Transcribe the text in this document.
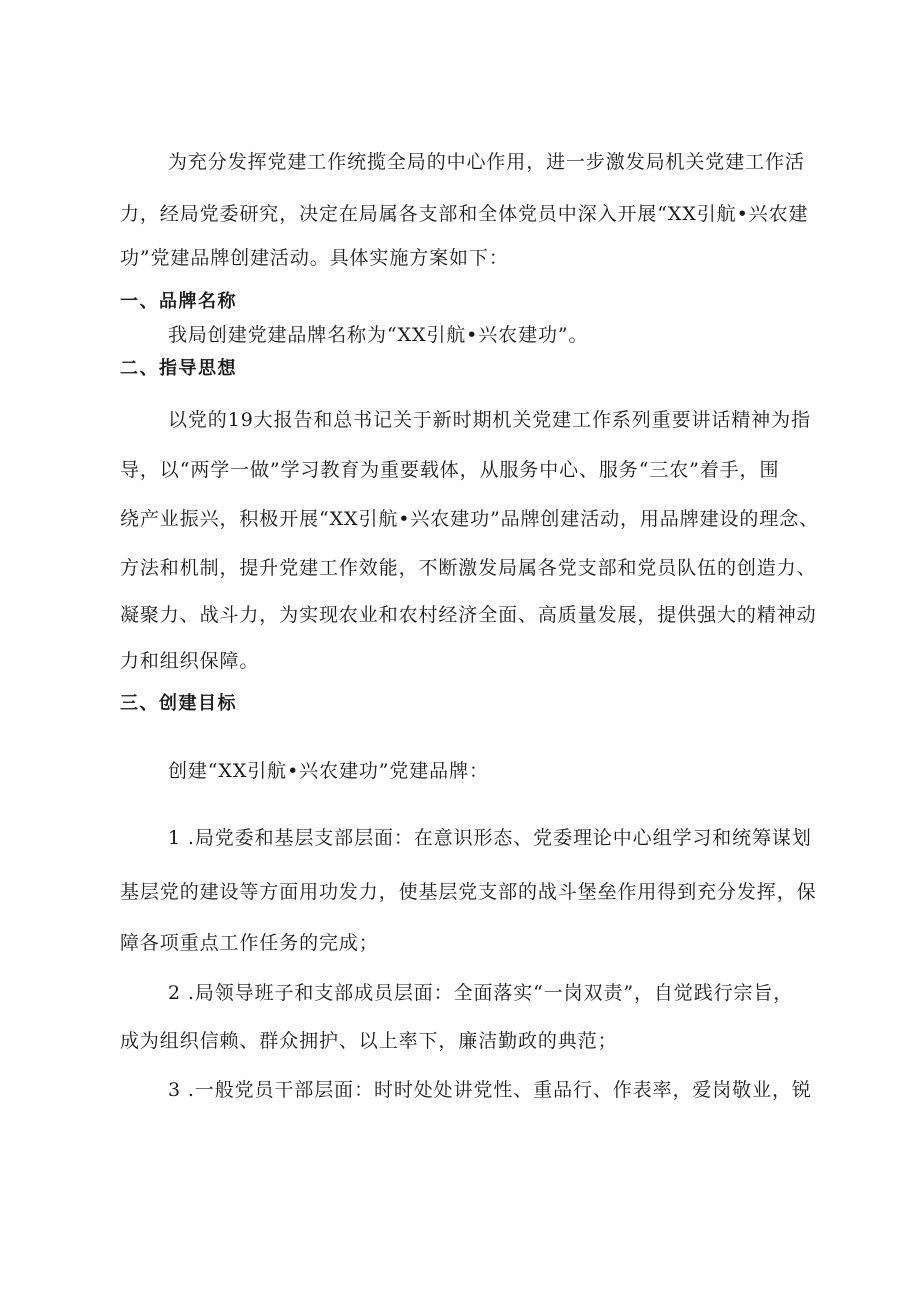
为充分发挥党建工作统揽全局的中心作用，进一步激发局机关党建工作活
力，经局党委研究，决定在局属各支部和全体党员中深入开展“XX引航•兴农建
功”党建品牌创建活动。具体实施方案如下：
一、品牌名称
我局创建党建品牌名称为“XX引航•兴农建功”。
二、指导思想
以党的19大报告和总书记关于新时期机关党建工作系列重要讲话精神为指
导，以“两学一做”学习教育为重要载体，从服务中心、服务“三农”着手，围
绕产业振兴，积极开展“XX引航•兴农建功”品牌创建活动，用品牌建设的理念、
方法和机制，提升党建工作效能，不断激发局属各党支部和党员队伍的创造力、
凝聚力、战斗力，为实现农业和农村经济全面、高质量发展，提供强大的精神动
力和组织保障。
三、创建目标
创建“XX引航•兴农建功”党建品牌：
1 .局党委和基层支部层面：在意识形态、党委理论中心组学习和统筹谋划
基层党的建设等方面用功发力，使基层党支部的战斗堡垒作用得到充分发挥，保
障各项重点工作任务的完成；
2 .局领导班子和支部成员层面：全面落实“一岗双责”，自觉践行宗旨，
成为组织信赖、群众拥护、以上率下，廉洁勤政的典范；
3 .一般党员干部层面：时时处处讲党性、重品行、作表率，爱岗敬业，锐
